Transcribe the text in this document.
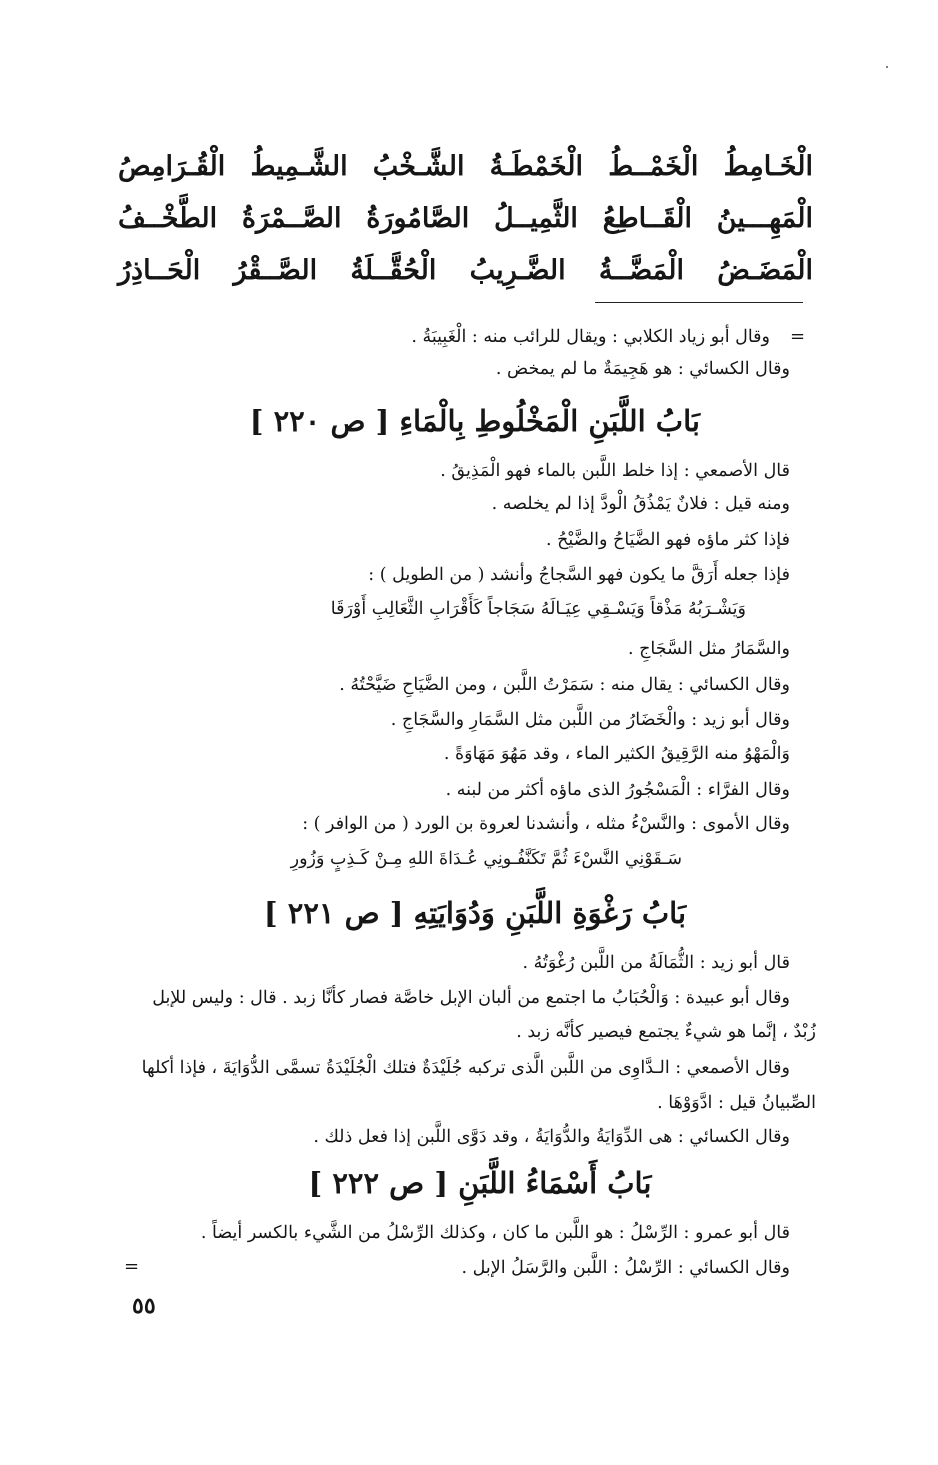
الْخَـامِطُ
الْخَمْــطُ
الْخَمْطَـةُ
الشَّـخْبُ
الشَّـمِيطُ
الْقُـرَامِصُ
الْمَهِـــينُ
الْقَــاطِعُ
الثَّمِيــلُ
الصَّامُورَةُ
الصَّــمْرَةُ
الطَّخْــفُ
الْمَضَـضُ
الْمَضَّــةُ
الضَّـرِيبُ
الْحُقَّــلَةُ
الصَّــقْرُ
الْحَــاذِرُ
=
وقال أبو زياد الكلابي : ويقال للرائب منه : الْغَبِيبَةُ .
وقال الكسائي : هو هَجِيمَةٌ ما لم يمخض .
بَابُ اللَّبَنِ الْمَخْلُوطِ بِالْمَاءِ [ ص ٢٢٠ ]
قال الأصمعي : إذا خلط اللَّبن بالماء فهو الْمَذِيقُ .
ومنه قيل : فلانٌ يَمْذُقُ الْودَّ إذا لم يخلصه .
فإذا كثر ماؤه فهو الضَّيَاحُ والضَّيْحُ .
فإذا جعله أَرَقَّ ما يكون فهو السَّجاجُ وأنشد ( من الطويل ) :
وَيَشْـرَبُهُ مَذْقاً وَيَسْـقِي عِيَـالَهُ سَجَاجاً كَأَقْرَابِ الثَّعَالِبِ أَوْرَقَا
والسَّمَارُ مثل السَّجَاجِ .
وقال الكسائي : يقال منه : سَمَرْتُ اللَّبن ، ومن الضَّيَاحِ ضَيَّحْتُهُ .
وقال أبو زيد : والْخَضَارُ من اللَّبن مثل السَّمَارِ والسَّجَاجِ .
وَالْمَهْوُ منه الرَّقِيقُ الكثير الماء ، وقد مَهُوَ مَهَاوَةً .
وقال الفرَّاء : الْمَسْجُورُ الذى ماؤه أكثر من لبنه .
وقال الأموى : والنَّسْءُ مثله ، وأنشدنا لعروة بن الورد ( من الوافر ) :
سَـقَوْنِي النَّسْءَ ثُمَّ تَكَنَّفُـونِي عُـدَاةَ اللهِ مِـنْ كَـذِبٍ وَزُورِ
بَابُ رَغْوَةِ اللَّبَنِ وَدُوَايَتِهِ [ ص ٢٢١ ]
قال أبو زيد : الثُّمَالَةُ من اللَّبن رُغْوَتُهُ .
وقال أبو عبيدة : وَالْحُبَابُ ما اجتمع من ألبان الإبل خاصَّة فصار كأنَّا زبد . قال : وليس للإبل
زُبْدٌ ، إنَّما هو شيءٌ يجتمع فيصير كأنَّه زبد .
وقال الأصمعي : الـدَّاوِى من اللَّبن الَّذى تركبه جُلَيْدَةٌ فتلك الْجُلَيْدَةُ تسمَّى الدُّوَايَةَ ، فإذا أكلها
الصِّبيانُ قيل : ادَّوَوْهَا .
وقال الكسائي : هى الدِّوَايَةُ والدُّوَايَةُ ، وقد دَوَّى اللَّبن إذا فعل ذلك .
بَابُ أَسْمَاءُ اللَّبَنِ [ ص ٢٢٢ ]
قال أبو عمرو : الرِّسْلُ : هو اللَّبن ما كان ، وكذلك الرِّسْلُ من الشَّيء بالكسر أيضاً .
وقال الكسائي : الرِّسْلُ : اللَّبن والرَّسَلُ الإبل .
=
٥٥
